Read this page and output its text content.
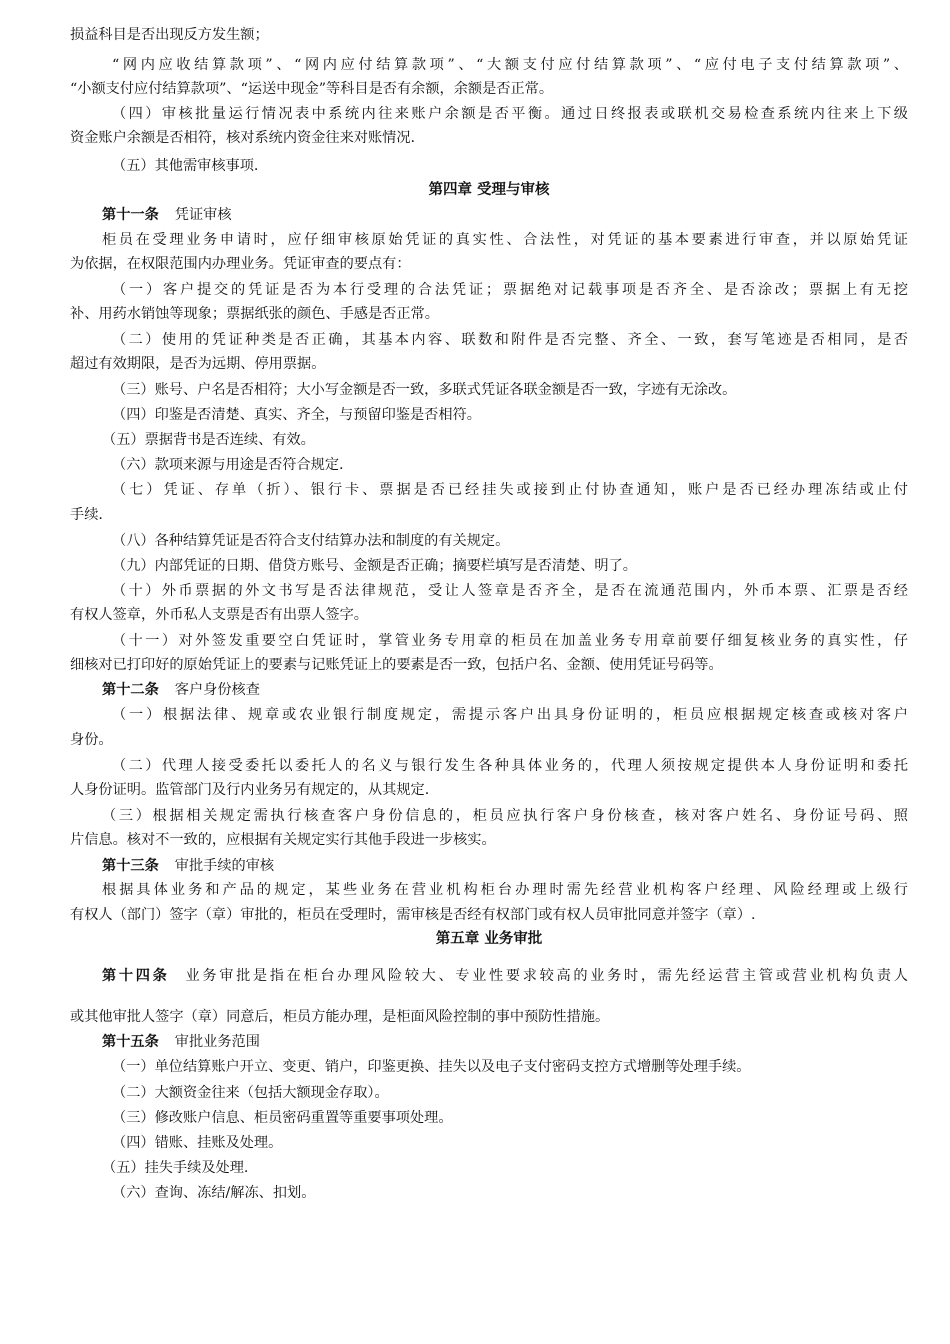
损益科目是否出现反方发生额；
“网内应收结算款项”、“网内应付结算款项”、“大额支付应付结算款项”、“应付电子支付结算款项”、
“小额支付应付结算款项”、“运送中现金”等科目是否有余额，余额是否正常。
（四）审核批量运行情况表中系统内往来账户余额是否平衡。通过日终报表或联机交易检查系统内往来上下级
资金账户余额是否相符，核对系统内资金往来对账情况.
（五）其他需审核事项.
第四章 受理与审核
第十一条 凭证审核
柜员在受理业务申请时，应仔细审核原始凭证的真实性、合法性，对凭证的基本要素进行审查，并以原始凭证
为依据，在权限范围内办理业务。凭证审查的要点有：
（一）客户提交的凭证是否为本行受理的合法凭证；票据绝对记载事项是否齐全、是否涂改；票据上有无挖
补、用药水销蚀等现象；票据纸张的颜色、手感是否正常。
（二）使用的凭证种类是否正确，其基本内容、联数和附件是否完整、齐全、一致，套写笔迹是否相同，是否
超过有效期限，是否为远期、停用票据。
（三）账号、户名是否相符；大小写金额是否一致，多联式凭证各联金额是否一致，字迹有无涂改。
（四）印鉴是否清楚、真实、齐全，与预留印鉴是否相符。
（五）票据背书是否连续、有效。
（六）款项来源与用途是否符合规定.
（七）凭证、存单（折）、银行卡、票据是否已经挂失或接到止付协查通知，账户是否已经办理冻结或止付
手续.
（八）各种结算凭证是否符合支付结算办法和制度的有关规定。
（九）内部凭证的日期、借贷方账号、金额是否正确；摘要栏填写是否清楚、明了。
（十）外币票据的外文书写是否法律规范，受让人签章是否齐全，是否在流通范围内，外币本票、汇票是否经
有权人签章，外币私人支票是否有出票人签字。
（十一）对外签发重要空白凭证时，掌管业务专用章的柜员在加盖业务专用章前要仔细复核业务的真实性，仔
细核对已打印好的原始凭证上的要素与记账凭证上的要素是否一致，包括户名、金额、使用凭证号码等。
第十二条 客户身份核查
（一）根据法律、规章或农业银行制度规定，需提示客户出具身份证明的，柜员应根据规定核查或核对客户
身份。
（二）代理人接受委托以委托人的名义与银行发生各种具体业务的，代理人须按规定提供本人身份证明和委托
人身份证明。监管部门及行内业务另有规定的，从其规定.
（三）根据相关规定需执行核查客户身份信息的，柜员应执行客户身份核查，核对客户姓名、身份证号码、照
片信息。核对不一致的，应根据有关规定实行其他手段进一步核实。
第十三条 审批手续的审核
根据具体业务和产品的规定，某些业务在营业机构柜台办理时需先经营业机构客户经理、风险经理或上级行
有权人（部门）签字（章）审批的，柜员在受理时，需审核是否经有权部门或有权人员审批同意并签字（章）.
第五章 业务审批
第十四条 业务审批是指在柜台办理风险较大、专业性要求较高的业务时，需先经运营主管或营业机构负责人
或其他审批人签字（章）同意后，柜员方能办理，是柜面风险控制的事中预防性措施。
第十五条 审批业务范围
（一）单位结算账户开立、变更、销户，印鉴更换、挂失以及电子支付密码支控方式增删等处理手续。
（二）大额资金往来（包括大额现金存取）。
（三）修改账户信息、柜员密码重置等重要事项处理。
（四）错账、挂账及处理。
（五）挂失手续及处理.
（六）查询、冻结/解冻、扣划。
